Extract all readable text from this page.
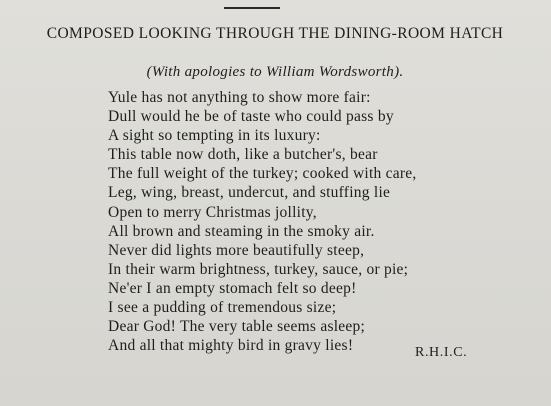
COMPOSED LOOKING THROUGH THE DINING-ROOM HATCH
(With apologies to William Wordsworth).
Yule has not anything to show more fair:
Dull would he be of taste who could pass by
A sight so tempting in its luxury:
This table now doth, like a butcher's, bear
The full weight of the turkey; cooked with care,
Leg, wing, breast, undercut, and stuffing lie
Open to merry Christmas jollity,
All brown and steaming in the smoky air.
Never did lights more beautifully steep,
In their warm brightness, turkey, sauce, or pie;
Ne'er I an empty stomach felt so deep!
I see a pudding of tremendous size;
Dear God! The very table seems asleep;
And all that mighty bird in gravy lies!	R.H.I.C.
